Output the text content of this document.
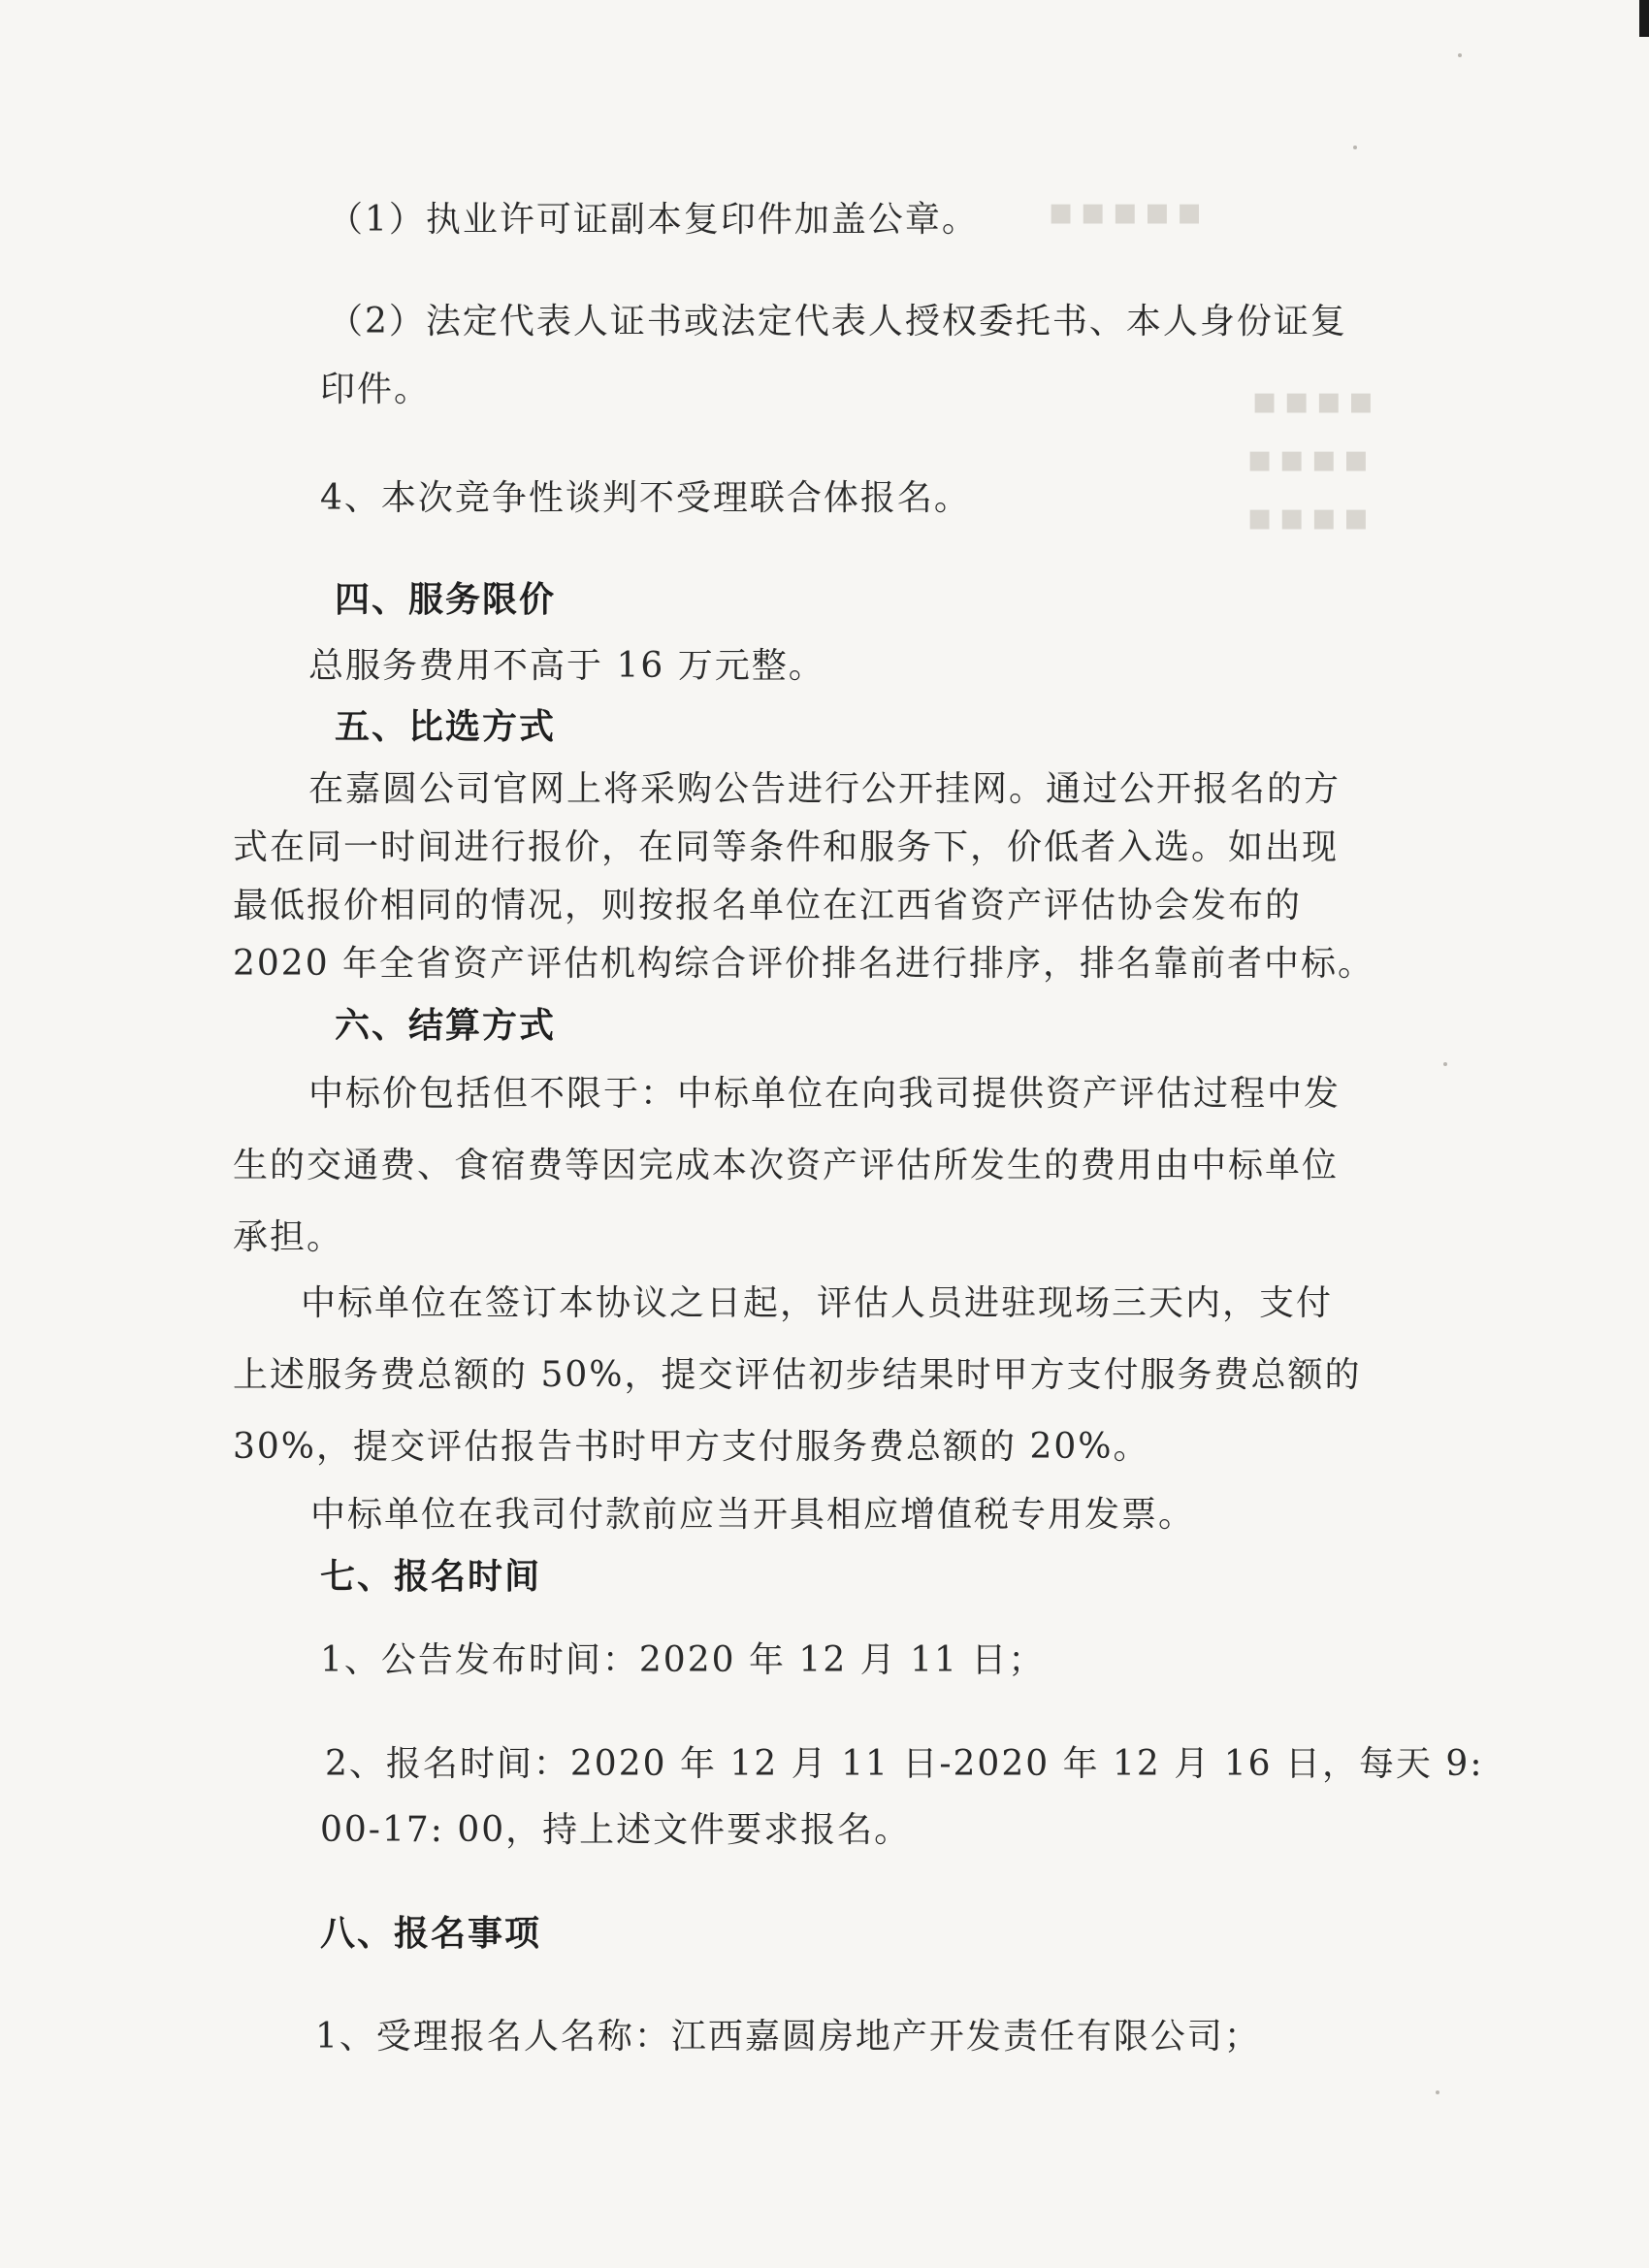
▪▪▪▪▪
▪▪▪▪
▪▪▪▪
▪▪▪▪
（1）执业许可证副本复印件加盖公章。
（2）法定代表人证书或法定代表人授权委托书、本人身份证复
印件。
4、本次竞争性谈判不受理联合体报名。
四、服务限价
总服务费用不高于 16 万元整。
五、比选方式
在嘉圆公司官网上将采购公告进行公开挂网。通过公开报名的方
式在同一时间进行报价，在同等条件和服务下，价低者入选。如出现
最低报价相同的情况，则按报名单位在江西省资产评估协会发布的
2020 年全省资产评估机构综合评价排名进行排序，排名靠前者中标。
六、结算方式
中标价包括但不限于：中标单位在向我司提供资产评估过程中发
生的交通费、食宿费等因完成本次资产评估所发生的费用由中标单位
承担。
中标单位在签订本协议之日起，评估人员进驻现场三天内，支付
上述服务费总额的 50%，提交评估初步结果时甲方支付服务费总额的
30%，提交评估报告书时甲方支付服务费总额的 20%。
中标单位在我司付款前应当开具相应增值税专用发票。
七、报名时间
1、公告发布时间：2020 年 12 月 11 日；
2、报名时间：2020 年 12 月 11 日-2020 年 12 月 16 日，每天 9:
00-17: 00，持上述文件要求报名。
八、报名事项
1、受理报名人名称：江西嘉圆房地产开发责任有限公司；
